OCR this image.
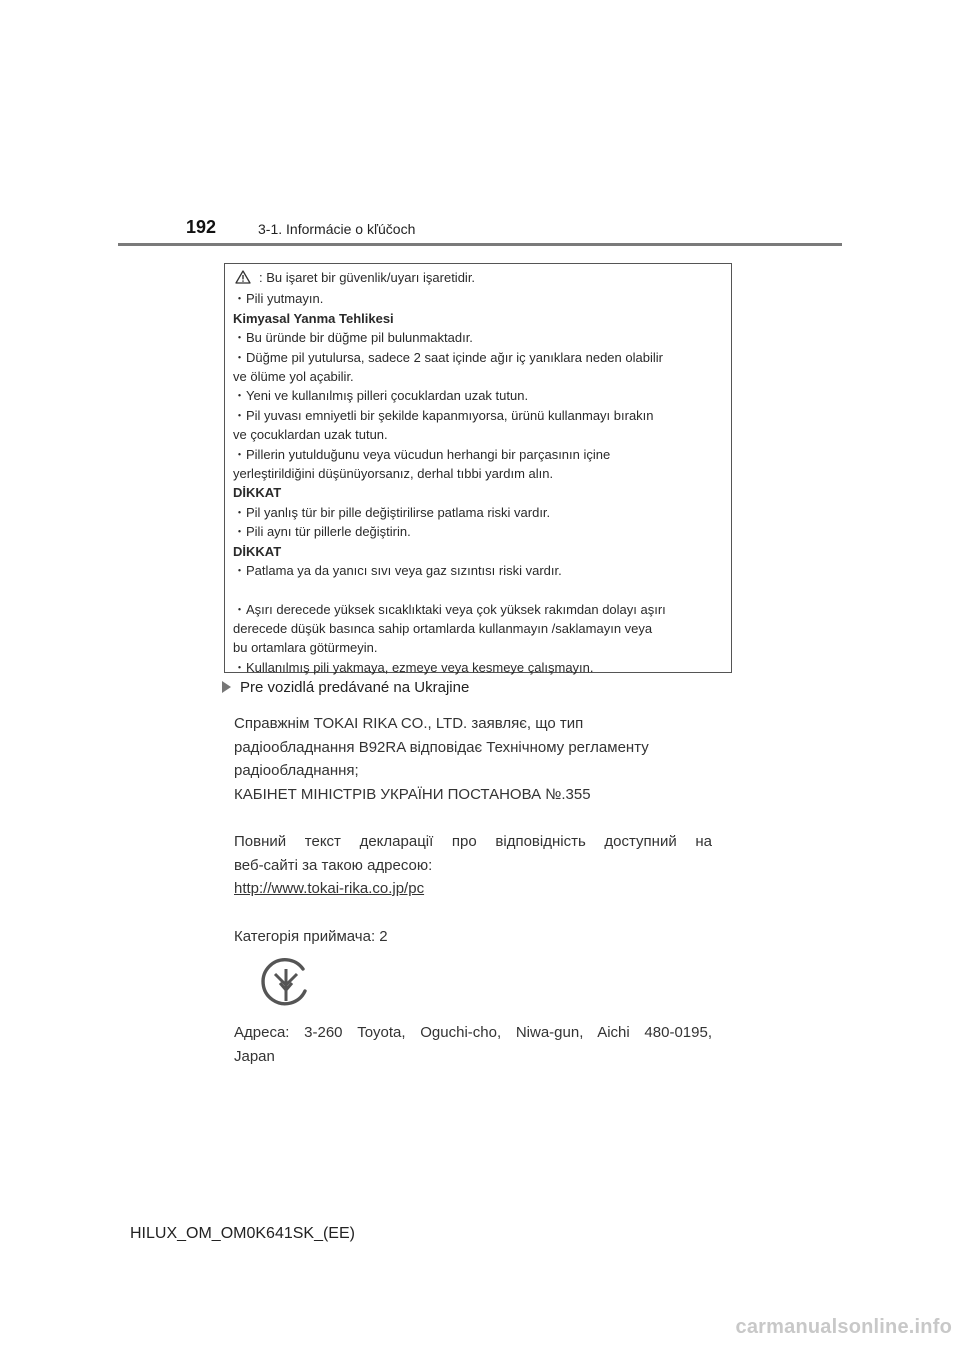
192	3-1. Informácie o kľúčoch
: Bu işaret bir güvenlik/uyarı işaretidir.
・Pili yutmayın.
Kimyasal Yanma Tehlikesi
・Bu üründe bir düğme pil bulunmaktadır.
・Düğme pil yutulursa, sadece 2 saat içinde ağır iç yanıklara neden olabilir
ve ölüme yol açabilir.
・Yeni ve kullanılmış pilleri çocuklardan uzak tutun.
・Pil yuvası emniyetli bir şekilde kapanmıyorsa, ürünü kullanmayı bırakın
ve çocuklardan uzak tutun.
・Pillerin yutulduğunu veya vücudun herhangi bir parçasının içine
yerleştirildiğini düşünüyorsanız, derhal tıbbi yardım alın.
DİKKAT
・Pil yanlış tür bir pille değiştirilirse patlama riski vardır.
・Pili aynı tür pillerle değiştirin.
DİKKAT
・Patlama ya da yanıcı sıvı veya gaz sızıntısı riski vardır.
・Aşırı derecede yüksek sıcaklıktaki veya çok yüksek rakımdan dolayı aşırı
derecede düşük basınca sahip ortamlarda kullanmayın /saklamayın veya
bu ortamlara götürmeyin.
・Kullanılmış pili yakmaya, ezmeye veya kesmeye çalışmayın.
Pre vozidlá predávané na Ukrajine

Справжнім TOKAI RIKA CO., LTD. заявляє, що тип

радіообладнання B92RA відповідає Технічному регламенту

радіообладнання;

КАБІНЕТ МІНІСТРІВ УКРАЇНИ ПОСТАНОВА №.355

Повний текст декларації про відповідність доступний на

веб-сайті за такою адресою:

http://www.tokai-rika.co.jp/pc

Категорія приймача: 2

Адреса: 3-260 Toyota, Oguchi-cho, Niwa-gun, Aichi 480-0195,
Japan
HILUX_OM_OM0K641SK_(EE)
carmanualsonline.info
